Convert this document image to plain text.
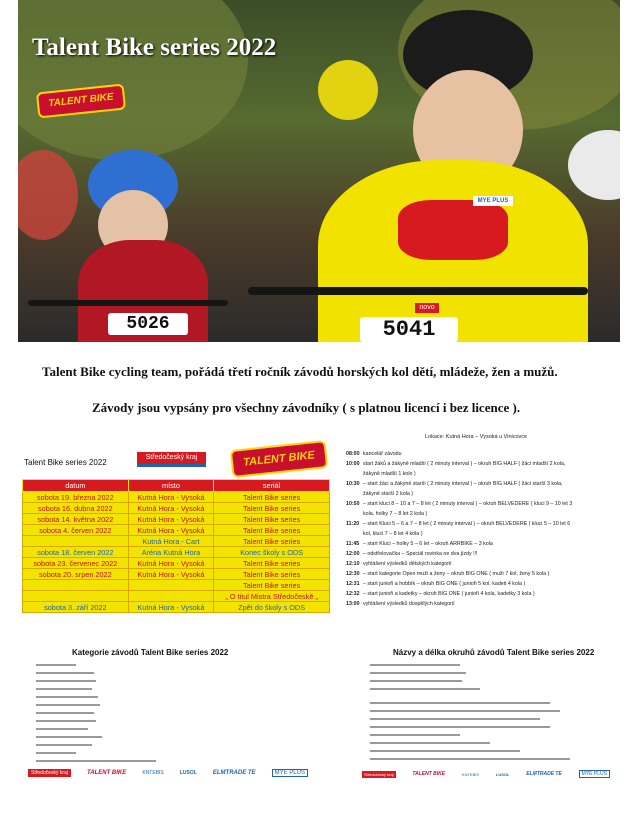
Talent Bike series 2022
TALENT BIKE
5026	5041
novo
MYE PLUS
Talent Bike cycling team, pořádá třetí ročník závodů horských kol dětí, mládeže, žen a mužů.
Závody jsou vypsány pro všechny závodníky ( s platnou licencí i bez licence ).
Talent Bike series 2022
Středočeský kraj	TALENT BIKE
datum	místo	seriál
sobota 19. března 2022	Kutná Hora - Vysoká	Talent Bike series
sobota 16. dubna 2022	Kutná Hora - Vysoká	Talent Bike series
sobota 14. května 2022	Kutná Hora - Vysoká	Talent Bike series
sobota 4. červen 2022	Kutná Hora - Vysoká	Talent Bike series
	Kutná Hora - Cart	Talent Bike series
sobota 18. červen 2022	Aréna Kutná Hora	Konec školy s ODS
sobota 23. červenec 2022	Kutná Hora - Vysoká	Talent Bike series
sobota 20. srpen 2022	Kutná Hora - Vysoká	Talent Bike series
		Talent Bike series
		„ O titul Mistra Středočeskě „
sobota 3. září 2022	Kutná Hora - Vysoká	Zpět do školy s ODS
Lokace: Kutná Hora – Vysoká u Vinicovce
08:00 kancelář závodu
10:00 start žáků a žákyně mladší ( 2 minuty interval ) – okruh BIG HALF ( žáci mladší 2 kola,
žákyně mladší 1 kolo )
10:30 – start žáci a žákyně starší ( 2 minuty interval ) – okruh BIG HALF ( žáci starší 3 kola,
žákyně starší 2 kola )
10:50 – start kluci 8 – 10 a 7 – 8 let ( 2 minuty interval ) – okruh BELVEDERE ( kluci 9 – 10 let 3
kola, holky 7 – 8 let 2 kola )
11:20 – start Kluci 5 – 6 a 7 – 8 let ( 2 minuty interval ) – okruh BELVEDERE ( kluci 5 – 10 let 6
kol, kluci 7 – 8 let 4 kola )
11:45 – start Kluci – holky 5 – 6 let – okruh ARRBIKE – 3 kola
12:00 – odstřelovačka – Speciál rovinka ne dva jízdy !!!
12:10 vyhlášení výsledků dětských kategorií
12:30 – start kategorie Open muži a ženy – okruh BIG ONE ( muži 7 kol, ženy 5 kola )
12:31 – start junioři a hobbík – okruh BIG ONE ( junioři 5 kol, kadeti 4 kola )
12:32 – start junioři a kadetky – okruh BIG ONE ( junioři 4 kola, kadetky 3 kola )
13:00 vyhlášení výsledků dospělých kategorií
Kategorie závodů Talent Bike series 2022	Názvy a délka okruhů závodů Talent Bike series 2022
Středočeský kraj	TALENT BIKE	KNTEBIS	LUSOL	ELMTRADE TE	MYE PLUS	Středočeský kraj	TALENT BIKE	KNTEBIS	LUSOL	ELMTRADE TE	MYE PLUS
